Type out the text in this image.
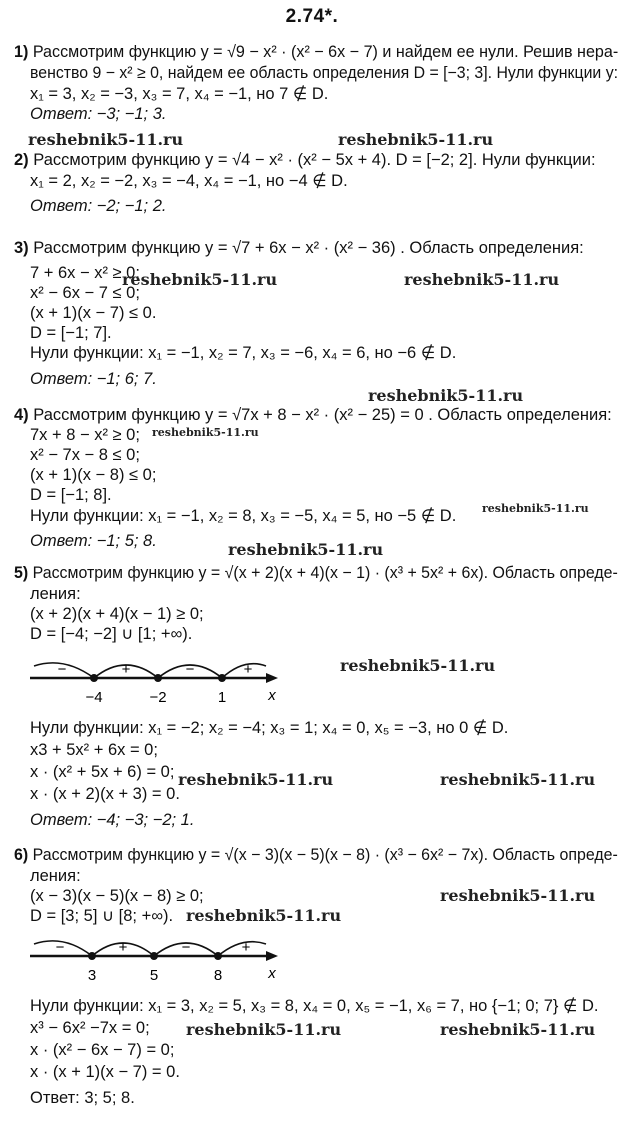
2.74*.
1) Рассмотрим функцию y = √9 − x² · (x² − 6x − 7) и найдем ее нули. Решив нера-
венство 9 − x² ≥ 0, найдем ее область определения D = [−3; 3]. Нули функции y:
x₁ = 3, x₂ = −3, x₃ = 7, x₄ = −1, но 7 ∉ D.
Ответ: −3; −1; 3.
2) Рассмотрим функцию y = √4 − x² · (x² − 5x + 4). D = [−2; 2]. Нули функции:
x₁ = 2, x₂ = −2, x₃ = −4, x₄ = −1, но −4 ∉ D.
Ответ: −2; −1; 2.
3) Рассмотрим функцию y = √7 + 6x − x² · (x² − 36) . Область определения:
7 + 6x − x² ≥ 0;
x² − 6x − 7 ≤ 0;
(x + 1)(x − 7) ≤ 0.
D = [−1; 7].
Нули функции: x₁ = −1, x₂ = 7, x₃ = −6, x₄ = 6, но −6 ∉ D.
Ответ: −1; 6; 7.
4) Рассмотрим функцию y = √7x + 8 − x² · (x² − 25) = 0 . Область определения:
7x + 8 − x² ≥ 0;
x² − 7x − 8 ≤ 0;
(x + 1)(x − 8) ≤ 0;
D = [−1; 8].
Нули функции: x₁ = −1, x₂ = 8, x₃ = −5, x₄ = 5, но −5 ∉ D.
Ответ: −1; 5; 8.
5) Рассмотрим функцию y = √(x + 2)(x + 4)(x − 1) · (x³ + 5x² + 6x). Область опреде-
ления:
(x + 2)(x + 4)(x − 1) ≥ 0;
D = [−4; −2] ∪ [1; +∞).
−	+	−	+
−4	−2	1	x
Нули функции: x₁ = −2; x₂ = −4; x₃ = 1; x₄ = 0, x₅ = −3, но 0 ∉ D.
x3 + 5x² + 6x = 0;
x · (x² + 5x + 6) = 0;
x · (x + 2)(x + 3) = 0.
Ответ: −4; −3; −2; 1.
6) Рассмотрим функцию y = √(x − 3)(x − 5)(x − 8) · (x³ − 6x² − 7x). Область опреде-
ления:
(x − 3)(x − 5)(x − 8) ≥ 0;
D = [3; 5] ∪ [8; +∞).
−	+	−	+
3	5	8	x
Нули функции: x₁ = 3, x₂ = 5, x₃ = 8, x₄ = 0, x₅ = −1, x₆ = 7, но {−1; 0; 7} ∉ D.
x³ − 6x² −7x = 0;
x · (x² − 6x − 7) = 0;
x · (x + 1)(x − 7) = 0.
Ответ: 3; 5; 8.
reshebnik5-11.ru	reshebnik5-11.ru
reshebnik5-11.ru	reshebnik5-11.ru
reshebnik5-11.ru
reshebnik5-11.ru
reshebnik5-11.ru
reshebnik5-11.ru
reshebnik5-11.ru
reshebnik5-11.ru	reshebnik5-11.ru
reshebnik5-11.ru
reshebnik5-11.ru
reshebnik5-11.ru	reshebnik5-11.ru
